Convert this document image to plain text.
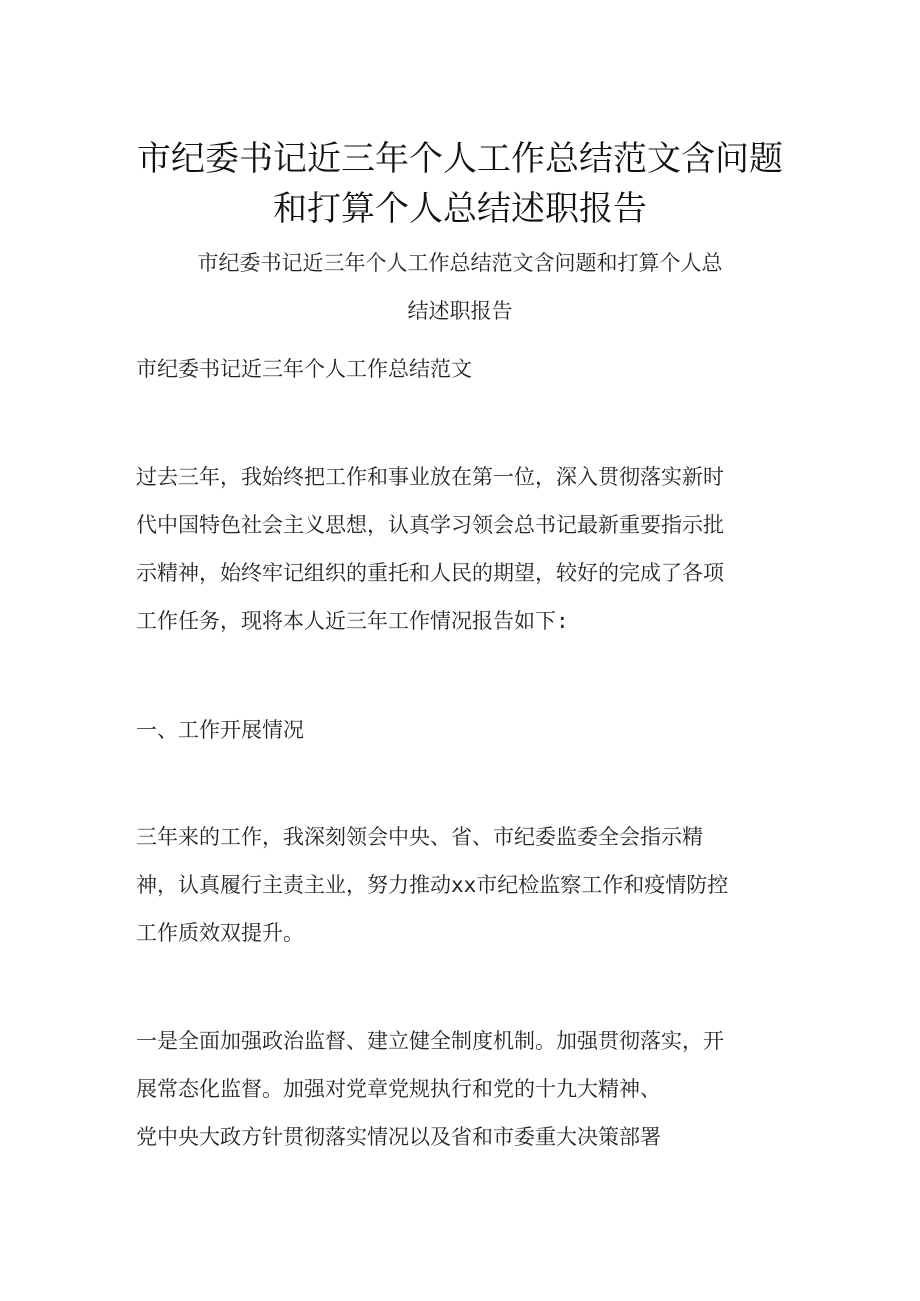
市纪委书记近三年个人工作总结范文含问题
和打算个人总结述职报告
市纪委书记近三年个人工作总结范文含问题和打算个人总
结述职报告
市纪委书记近三年个人工作总结范文
过去三年，我始终把工作和事业放在第一位，深入贯彻落实新时
代中国特色社会主义思想，认真学习领会总书记最新重要指示批
示精神，始终牢记组织的重托和人民的期望，较好的完成了各项
工作任务，现将本人近三年工作情况报告如下:
一、工作开展情况
三年来的工作，我深刻领会中央、省、市纪委监委全会指示精
神，认真履行主责主业，努力推动xx市纪检监察工作和疫情防控
工作质效双提升。
一是全面加强政治监督、建立健全制度机制。加强贯彻落实，开
展常态化监督。加强对党章党规执行和党的十九大精神、
党中央大政方针贯彻落实情况以及省和市委重大决策部署
